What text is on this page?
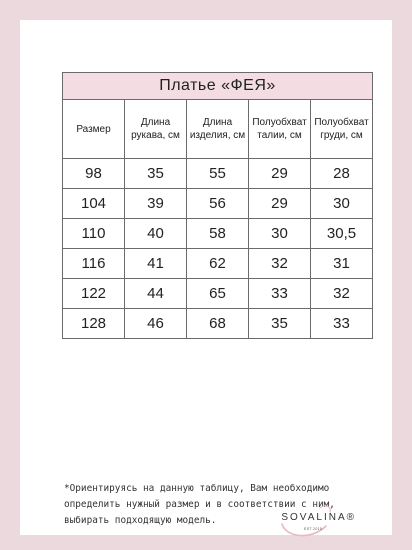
Платье «ФЕЯ»				
Размер	Длина рукава, см	Длина изделия, см	Полуобхват талии, см	Полуобхват груди, см
98	35	55	29	28
104	39	56	29	30
110	40	58	30	30,5
116	41	62	32	31
122	44	65	33	32
128	46	68	35	33

*Ориентируясь на данную таблицу, Вам необходимо
определить нужный размер и в соответствии с ним,
выбирать подходящую модель.	SOVALINA®
EST.2015
